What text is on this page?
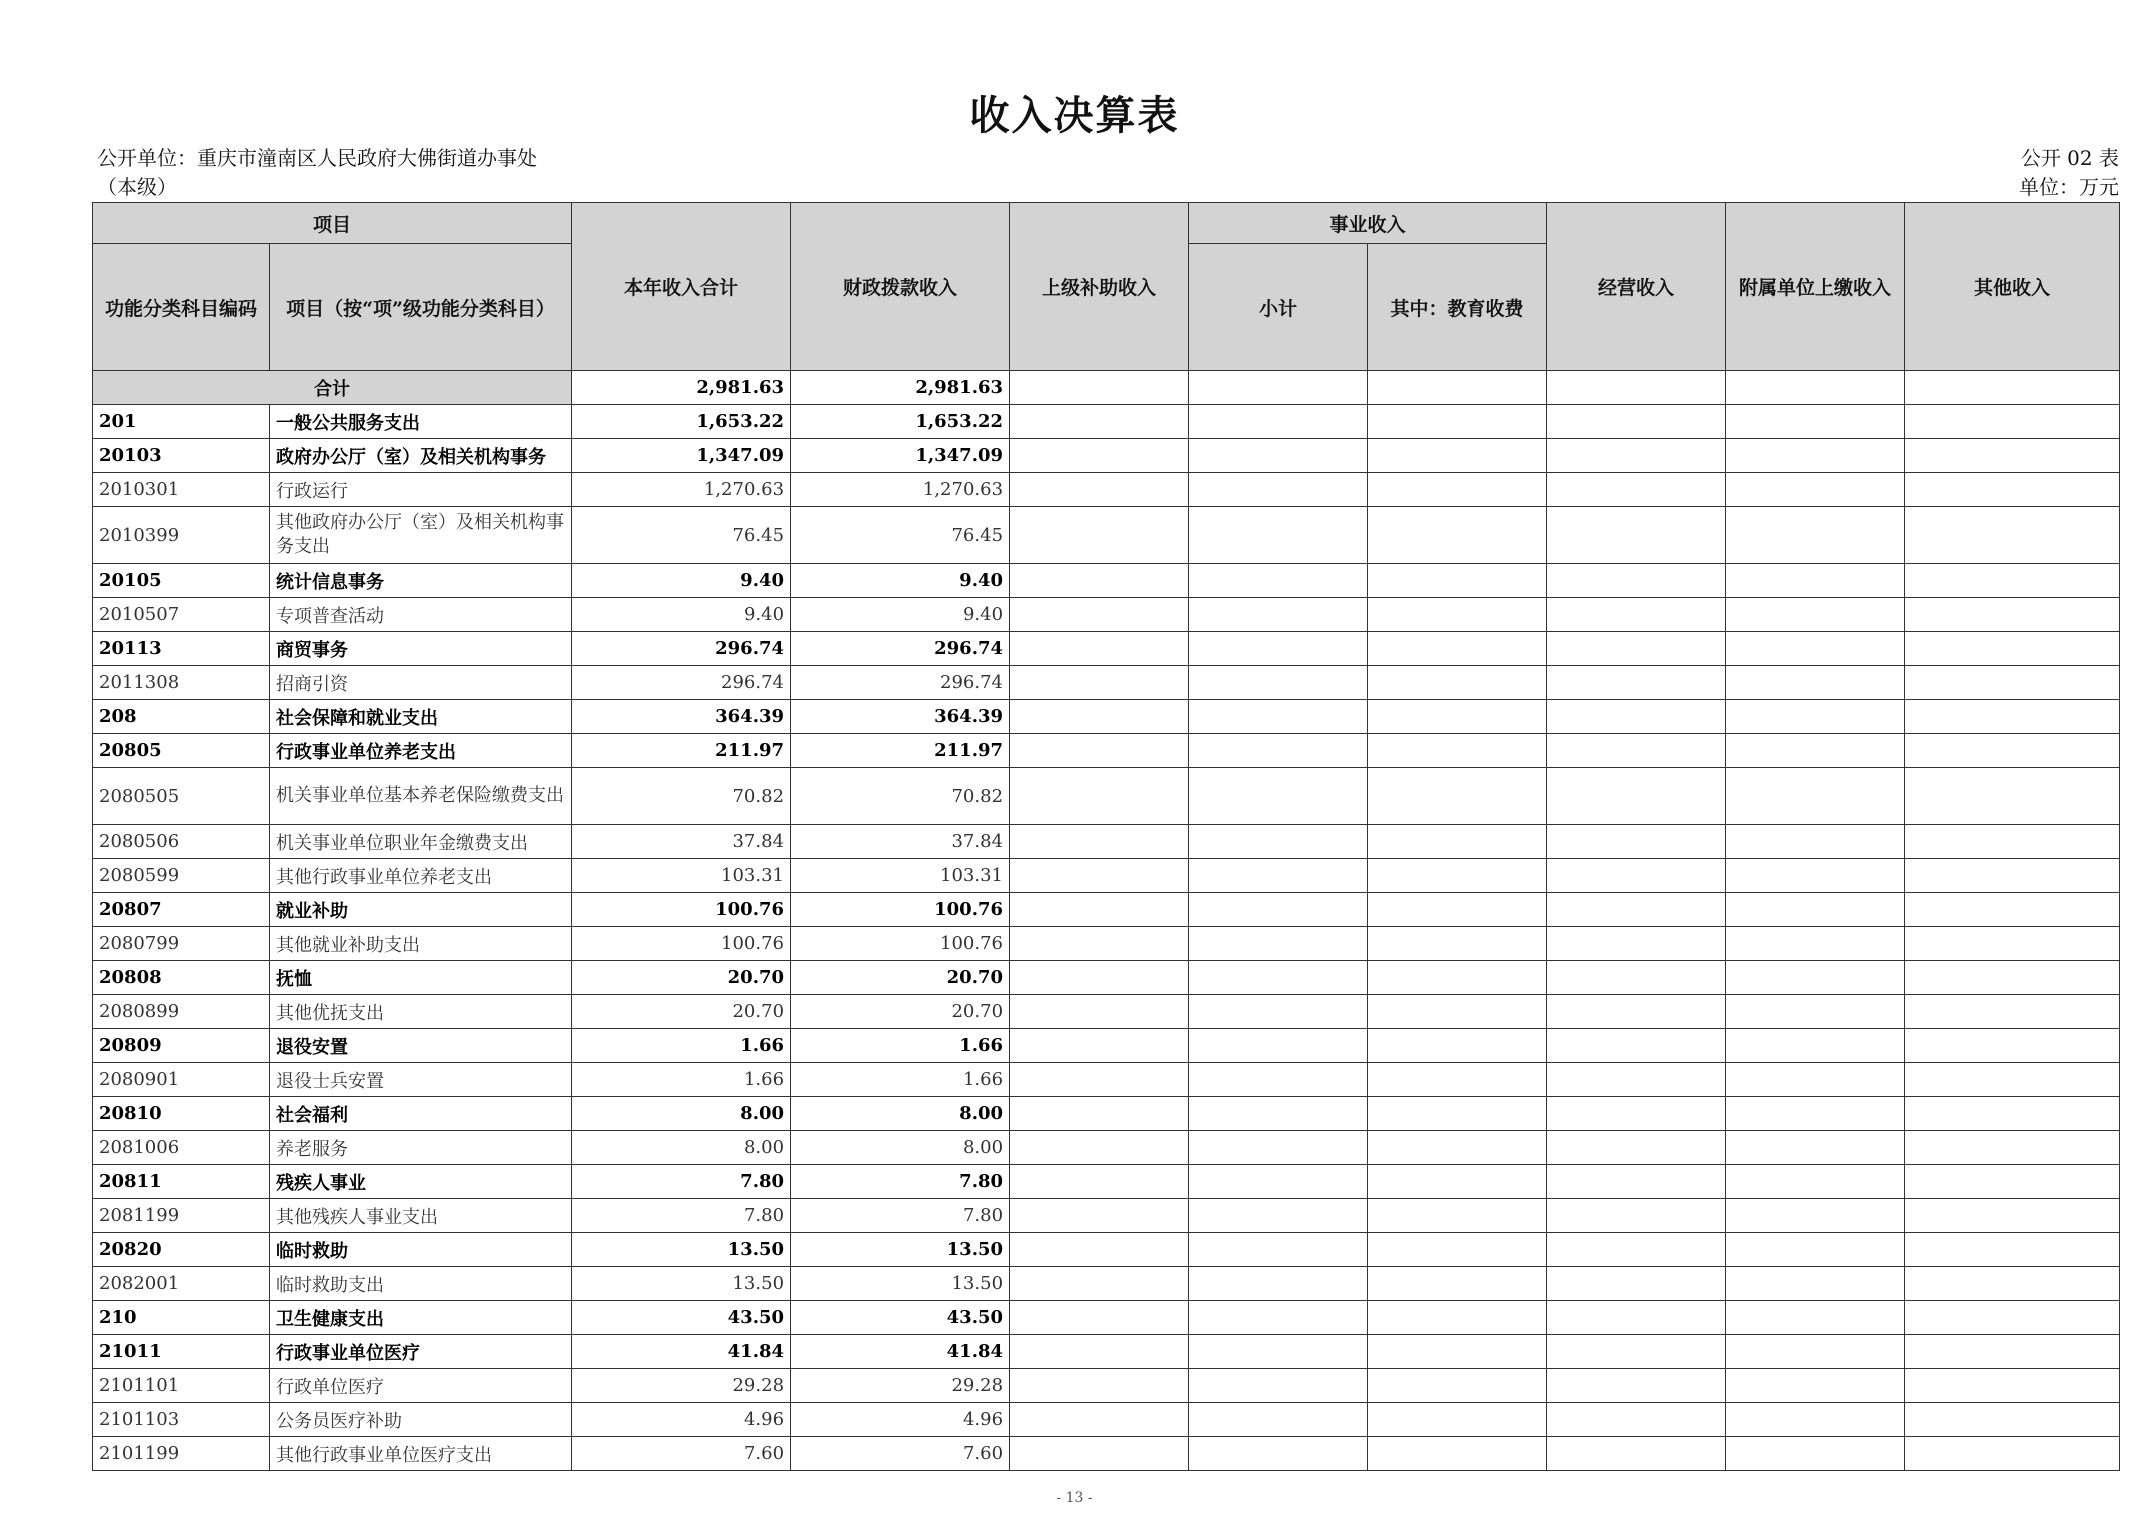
收入决算表
公开单位：重庆市潼南区人民政府大佛街道办事处
（本级）
公开 02 表
单位：万元
项目		本年收入合计	财政拨款收入	上级补助收入	事业收入		经营收入	附属单位上缴收入	其他收入
功能分类科目编码	项目（按“项”级功能分类科目）				小计	其中：教育收费			
合计		2,981.63	2,981.63						
201	一般公共服务支出	1,653.22	1,653.22						
20103	政府办公厅（室）及相关机构事务	1,347.09	1,347.09						
2010301	行政运行	1,270.63	1,270.63						
2010399	其他政府办公厅（室）及相关机构事务支出	76.45	76.45						
20105	统计信息事务	9.40	9.40						
2010507	专项普查活动	9.40	9.40						
20113	商贸事务	296.74	296.74						
2011308	招商引资	296.74	296.74						
208	社会保障和就业支出	364.39	364.39						
20805	行政事业单位养老支出	211.97	211.97						
2080505	机关事业单位基本养老保险缴费支出	70.82	70.82						
2080506	机关事业单位职业年金缴费支出	37.84	37.84						
2080599	其他行政事业单位养老支出	103.31	103.31						
20807	就业补助	100.76	100.76						
2080799	其他就业补助支出	100.76	100.76						
20808	抚恤	20.70	20.70						
2080899	其他优抚支出	20.70	20.70						
20809	退役安置	1.66	1.66						
2080901	退役士兵安置	1.66	1.66						
20810	社会福利	8.00	8.00						
2081006	养老服务	8.00	8.00						
20811	残疾人事业	7.80	7.80						
2081199	其他残疾人事业支出	7.80	7.80						
20820	临时救助	13.50	13.50						
2082001	临时救助支出	13.50	13.50						
210	卫生健康支出	43.50	43.50						
21011	行政事业单位医疗	41.84	41.84						
2101101	行政单位医疗	29.28	29.28						
2101103	公务员医疗补助	4.96	4.96						
2101199	其他行政事业单位医疗支出	7.60	7.60						
- 13 -
